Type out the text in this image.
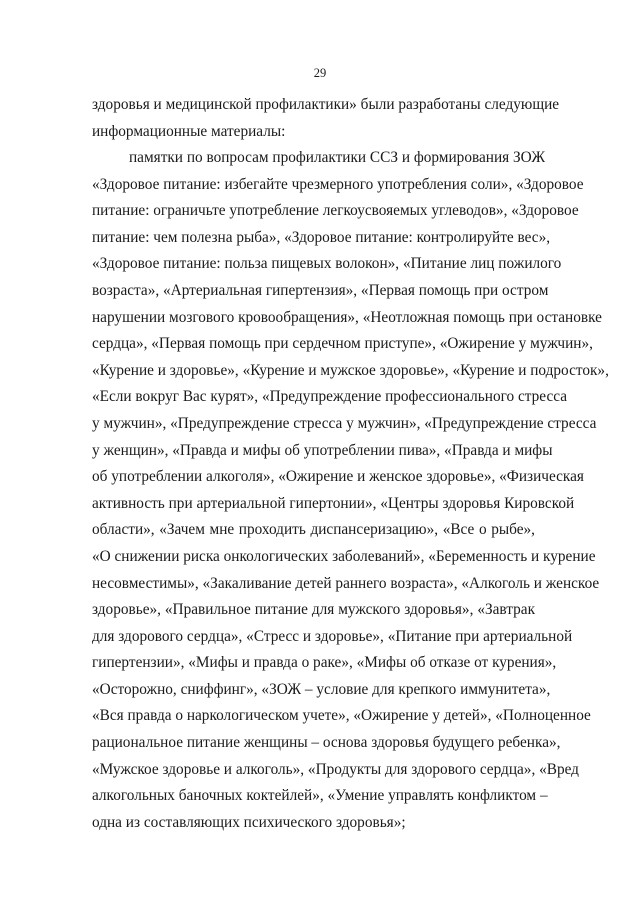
29
здоровья и медицинской профилактики» были разработаны следующие
информационные материалы:
памятки по вопросам профилактики ССЗ и формирования ЗОЖ
«Здоровое питание: избегайте чрезмерного употребления соли», «Здоровое
питание: ограничьте употребление легкоусвояемых углеводов», «Здоровое
питание: чем полезна рыба», «Здоровое питание: контролируйте вес»,
«Здоровое питание: польза пищевых волокон», «Питание лиц пожилого
возраста», «Артериальная гипертензия», «Первая помощь при остром
нарушении мозгового кровообращения», «Неотложная помощь при остановке
сердца», «Первая помощь при сердечном приступе», «Ожирение у мужчин»,
«Курение и здоровье», «Курение и мужское здоровье», «Курение и подросток»,
«Если вокруг Вас курят», «Предупреждение профессионального стресса
у мужчин», «Предупреждение стресса у мужчин», «Предупреждение стресса
у женщин», «Правда и мифы об употреблении пива», «Правда и мифы
об употреблении алкоголя», «Ожирение и женское здоровье», «Физическая
активность при артериальной гипертонии», «Центры здоровья Кировской
области», «Зачем мне проходить диспансеризацию», «Все о рыбе»,
«О снижении риска онкологических заболеваний», «Беременность и курение
несовместимы», «Закаливание детей раннего возраста», «Алкоголь и женское
здоровье», «Правильное питание для мужского здоровья», «Завтрак
для здорового сердца», «Стресс и здоровье», «Питание при артериальной
гипертензии», «Мифы и правда о раке», «Мифы об отказе от курения»,
«Осторожно, сниффинг», «ЗОЖ – условие для крепкого иммунитета»,
«Вся правда о наркологическом учете», «Ожирение у детей», «Полноценное
рациональное питание женщины – основа здоровья будущего ребенка»,
«Мужское здоровье и алкоголь», «Продукты для здорового сердца», «Вред
алкогольных баночных коктейлей», «Умение управлять конфликтом –
одна из составляющих психического здоровья»;
